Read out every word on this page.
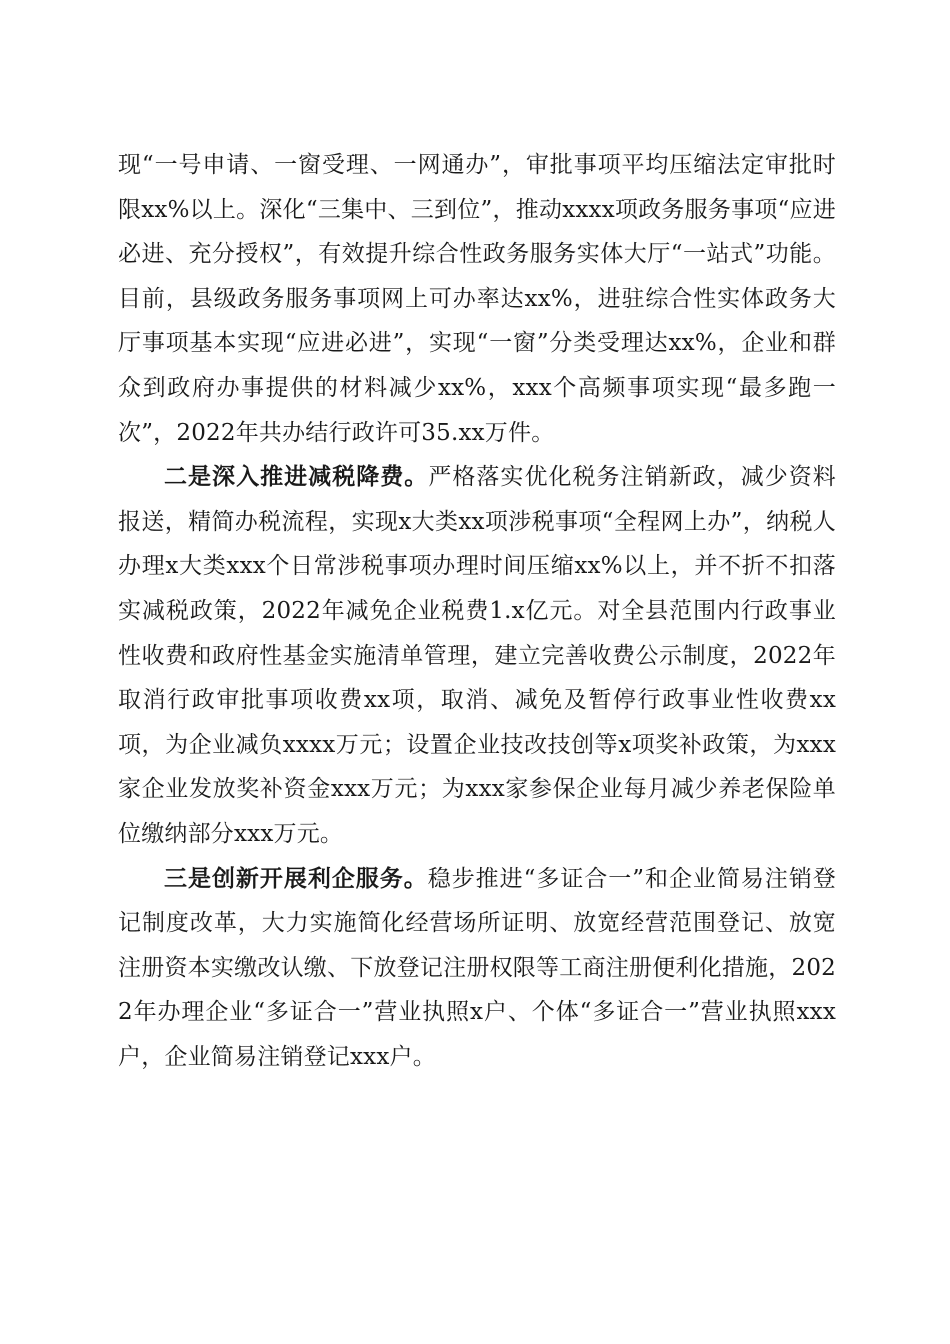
现“一号申请、一窗受理、一网通办”，审批事项平均压缩法定审批时限xx%以上。深化“三集中、三到位”，推动xxxx项政务服务事项“应进必进、充分授权”，有效提升综合性政务服务实体大厅“一站式”功能。目前，县级政务服务事项网上可办率达xx%，进驻综合性实体政务大厅事项基本实现“应进必进”，实现“一窗”分类受理达xx%，企业和群众到政府办事提供的材料减少xx%，xxx个高频事项实现“最多跑一次”，2022年共办结行政许可35.xx万件。

二是深入推进减税降费。严格落实优化税务注销新政，减少资料报送，精简办税流程，实现x大类xx项涉税事项“全程网上办”，纳税人办理x大类xxx个日常涉税事项办理时间压缩xx%以上，并不折不扣落实减税政策，2022年减免企业税费1.x亿元。对全县范围内行政事业性收费和政府性基金实施清单管理，建立完善收费公示制度，2022年取消行政审批事项收费xx项，取消、减免及暂停行政事业性收费xx项，为企业减负xxxx万元；设置企业技改技创等x项奖补政策，为xxx家企业发放奖补资金xxx万元；为xxx家参保企业每月减少养老保险单位缴纳部分xxx万元。

三是创新开展利企服务。稳步推进“多证合一”和企业简易注销登记制度改革，大力实施简化经营场所证明、放宽经营范围登记、放宽注册资本实缴改认缴、下放登记注册权限等工商注册便利化措施，2022年办理企业“多证合一”营业执照x户、个体“多证合一”营业执照xxx户，企业简易注销登记xxx户。
